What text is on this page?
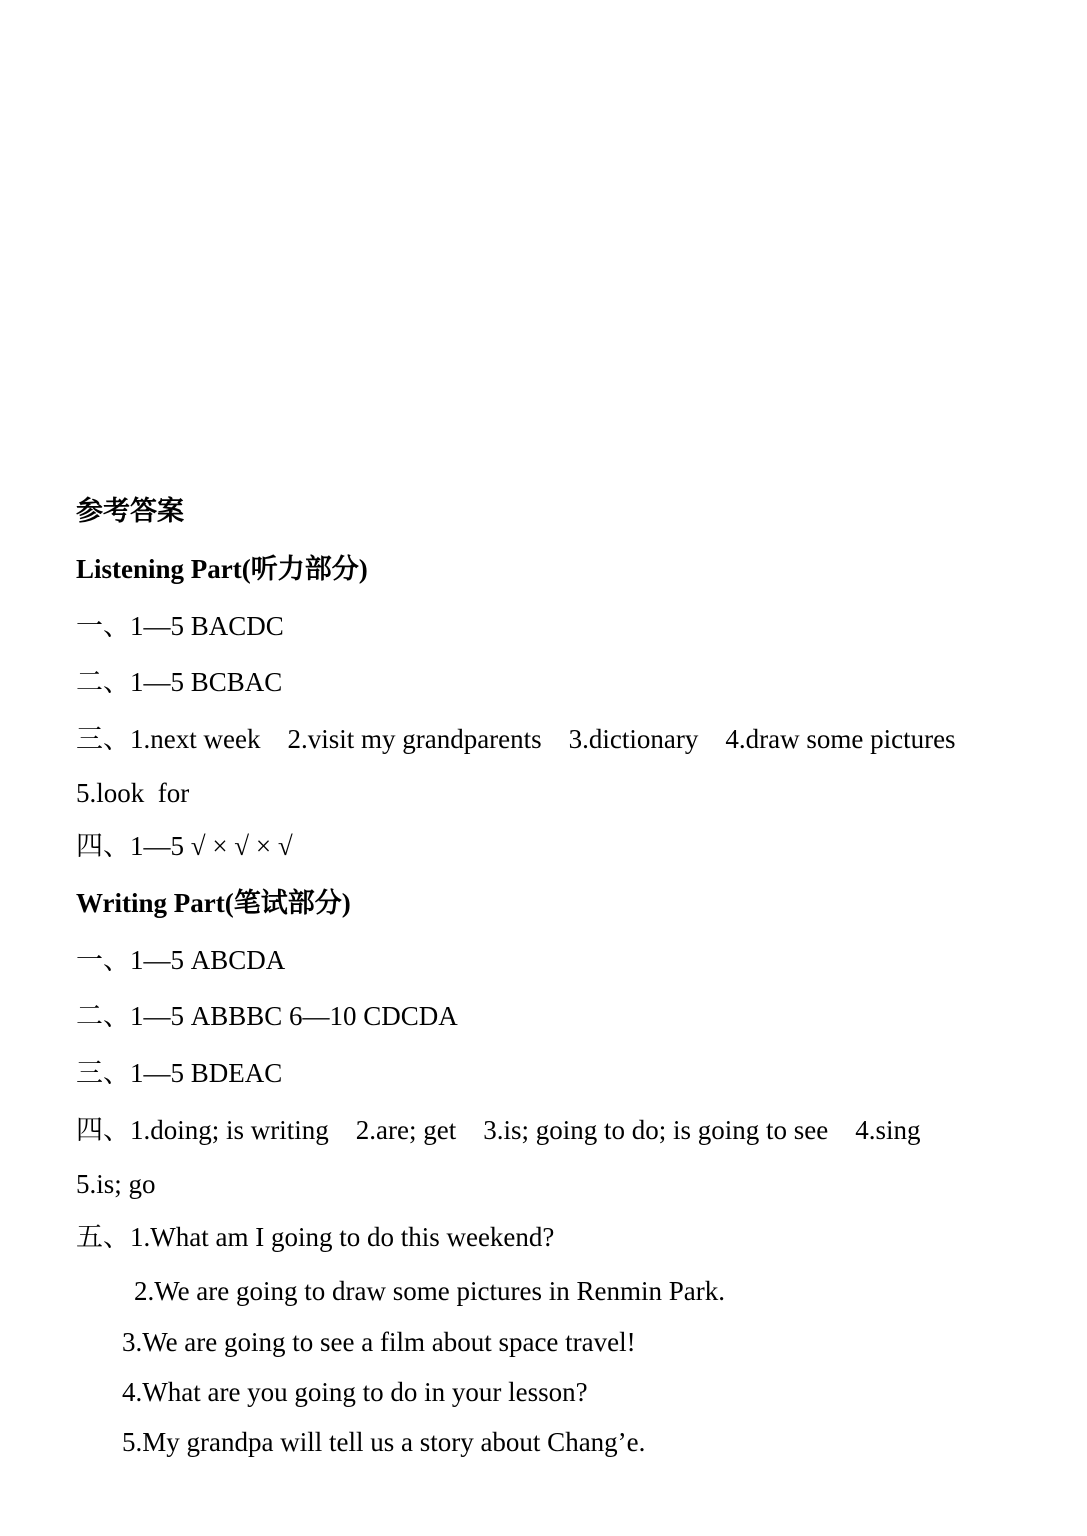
参考答案
Listening Part(听力部分)
一、1—5 BACDC
二、1—5 BCBAC
三、1.next week    2.visit my grandparents    3.dictionary    4.draw some pictures
5.look  for
四、1—5 √ × √ × √
Writing Part(笔试部分)
一、1—5 ABCDA
二、1—5 ABBBC 6—10 CDCDA
三、1—5 BDEAC
四、1.doing; is writing    2.are; get    3.is; going to do; is going to see    4.sing
5.is; go
五、1.What am I going to do this weekend?
2.We are going to draw some pictures in Renmin Park.
3.We are going to see a film about space travel!
4.What are you going to do in your lesson?
5.My grandpa will tell us a story about Chang’e.
